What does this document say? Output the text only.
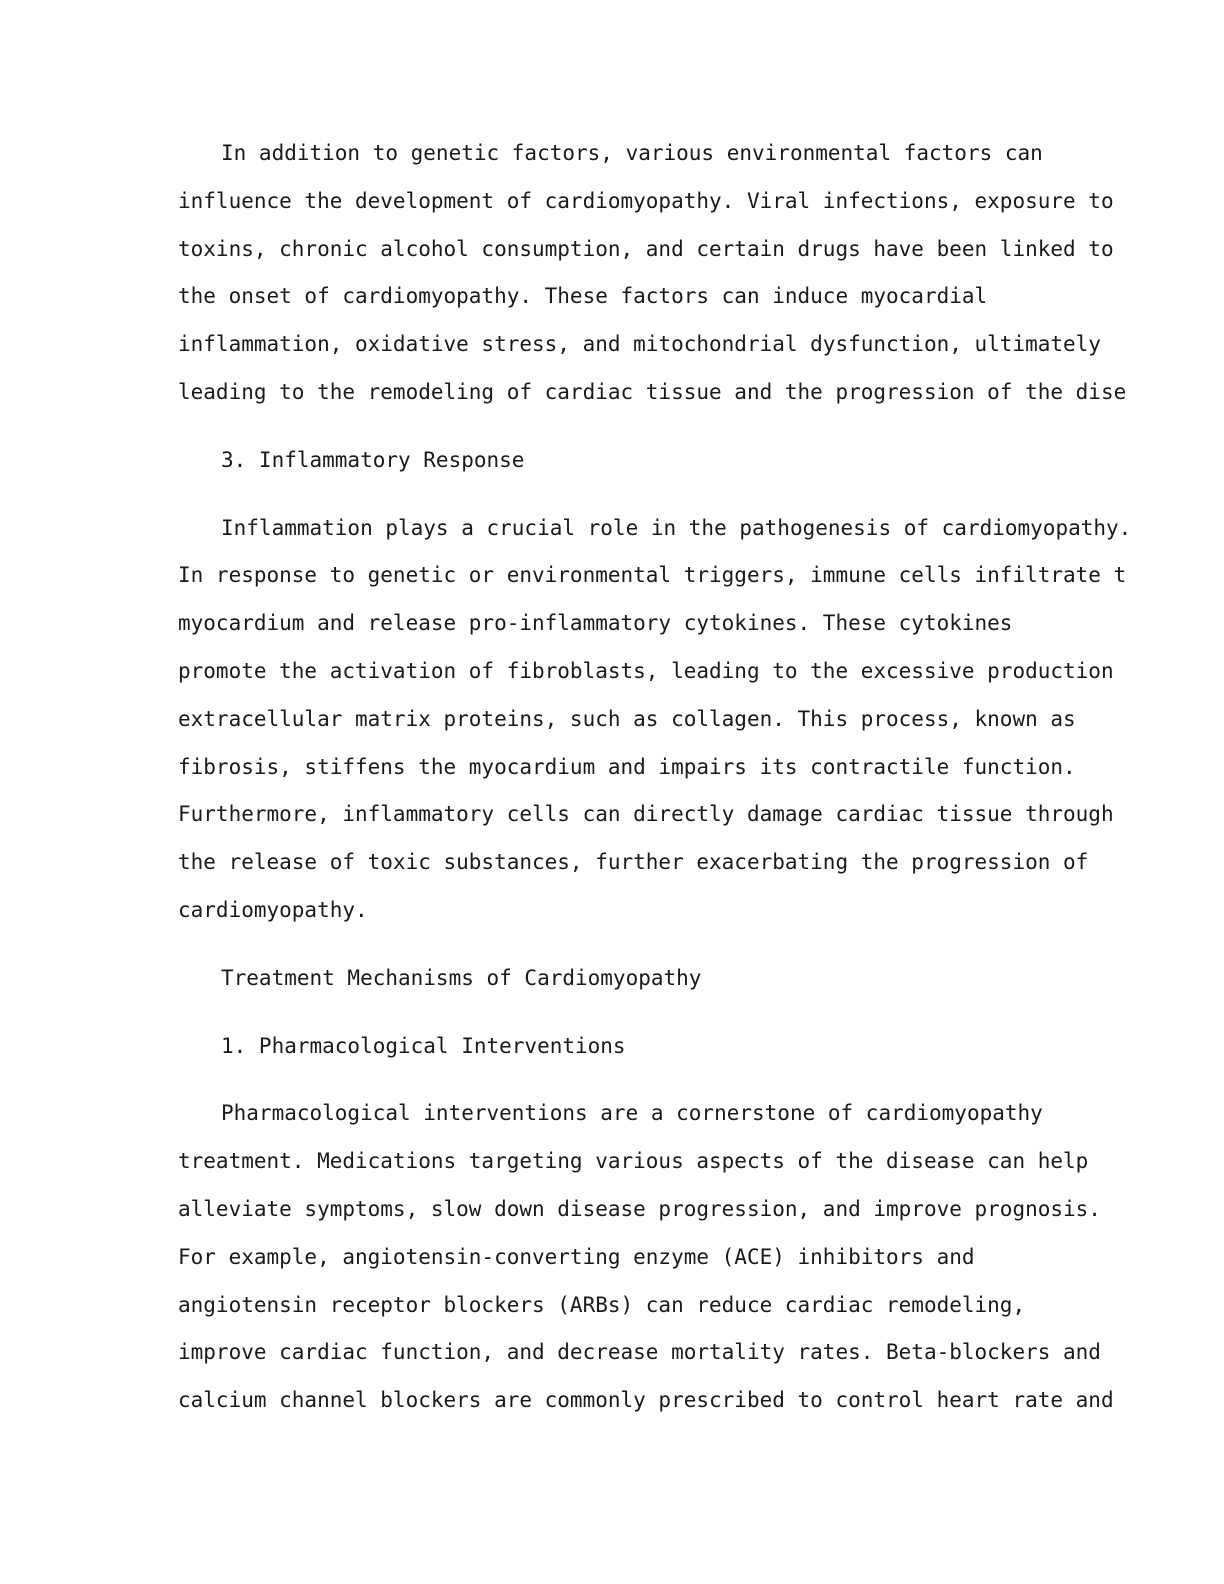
In addition to genetic factors, various environmental factors can
influence the development of cardiomyopathy. Viral infections, exposure to
toxins, chronic alcohol consumption, and certain drugs have been linked to
the onset of cardiomyopathy. These factors can induce myocardial
inflammation, oxidative stress, and mitochondrial dysfunction, ultimately
leading to the remodeling of cardiac tissue and the progression of the dise
3. Inflammatory Response
Inflammation plays a crucial role in the pathogenesis of cardiomyopathy.
In response to genetic or environmental triggers, immune cells infiltrate t
myocardium and release pro-inflammatory cytokines. These cytokines
promote the activation of fibroblasts, leading to the excessive production
extracellular matrix proteins, such as collagen. This process, known as
fibrosis, stiffens the myocardium and impairs its contractile function.
Furthermore, inflammatory cells can directly damage cardiac tissue through
the release of toxic substances, further exacerbating the progression of
cardiomyopathy.
Treatment Mechanisms of Cardiomyopathy
1. Pharmacological Interventions
Pharmacological interventions are a cornerstone of cardiomyopathy
treatment. Medications targeting various aspects of the disease can help
alleviate symptoms, slow down disease progression, and improve prognosis.
For example, angiotensin-converting enzyme (ACE) inhibitors and
angiotensin receptor blockers (ARBs) can reduce cardiac remodeling,
improve cardiac function, and decrease mortality rates. Beta-blockers and
calcium channel blockers are commonly prescribed to control heart rate and
